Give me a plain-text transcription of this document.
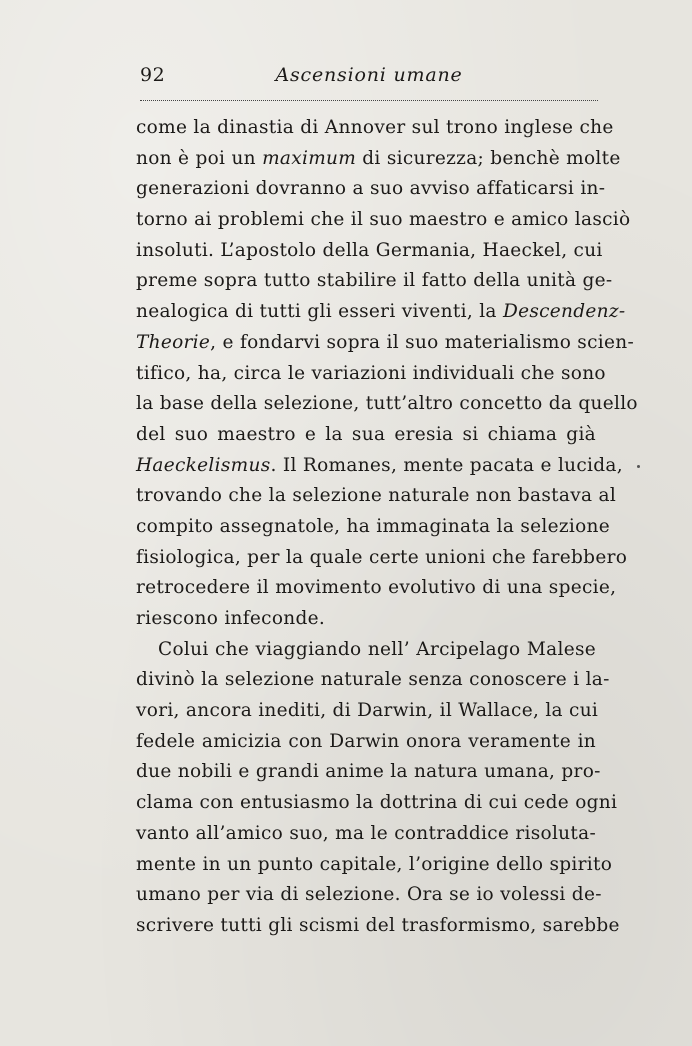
92	Ascensioni umane
come la dinastia di Annover sul trono inglese che
non è poi un maximum di sicurezza; benchè molte
generazioni dovranno a suo avviso affaticarsi in-
torno ai problemi che il suo maestro e amico lasciò
insoluti. L’apostolo della Germania, Haeckel, cui
preme sopra tutto stabilire il fatto della unità ge-
nealogica di tutti gli esseri viventi, la Descendenz-
Theorie, e fondarvi sopra il suo materialismo scien-
tifico, ha, circa le variazioni individuali che sono
la base della selezione, tutt’altro concetto da quello
del suo maestro e la sua eresia si chiama già
Haeckelismus. Il Romanes, mente pacata e lucida,
trovando che la selezione naturale non bastava al
compito assegnatole, ha immaginata la selezione
fisiologica, per la quale certe unioni che farebbero
retrocedere il movimento evolutivo di una specie,
riescono infeconde.
Colui che viaggiando nell’ Arcipelago Malese
divinò la selezione naturale senza conoscere i la-
vori, ancora inediti, di Darwin, il Wallace, la cui
fedele amicizia con Darwin onora veramente in
due nobili e grandi anime la natura umana, pro-
clama con entusiasmo la dottrina di cui cede ogni
vanto all’amico suo, ma le contraddice risoluta-
mente in un punto capitale, l’origine dello spirito
umano per via di selezione. Ora se io volessi de-
scrivere tutti gli scismi del trasformismo, sarebbe
